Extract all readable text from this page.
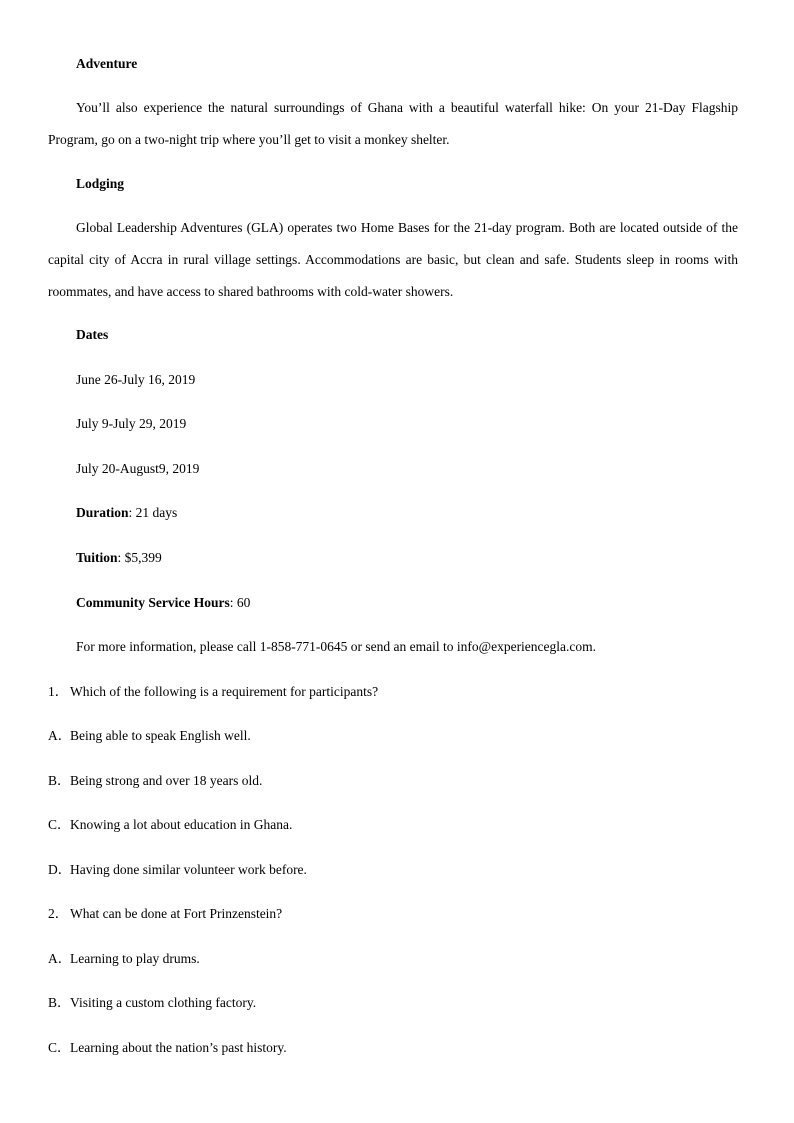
Adventure
You’ll also experience the natural surroundings of Ghana with a beautiful waterfall hike: On your 21-Day Flagship Program, go on a two-night trip where you’ll get to visit a monkey shelter.
Lodging
Global Leadership Adventures (GLA) operates two Home Bases for the 21-day program. Both are located outside of the capital city of Accra in rural village settings. Accommodations are basic, but clean and safe. Students sleep in rooms with roommates, and have access to shared bathrooms with cold-water showers.
Dates
June 26-July 16, 2019
July 9-July 29, 2019
July 20-August9, 2019
Duration: 21 days
Tuition: $5,399
Community Service Hours: 60
For more information, please call 1-858-771-0645 or send an email to info@experiencegla.com.
1． Which of the following is a requirement for participants?
A．Being able to speak English well.
B．Being strong and over 18 years old.
C．Knowing a lot about education in Ghana.
D．Having done similar volunteer work before.
2． What can be done at Fort Prinzenstein?
A．Learning to play drums.
B．Visiting a custom clothing factory.
C．Learning about the nation’s past history.
